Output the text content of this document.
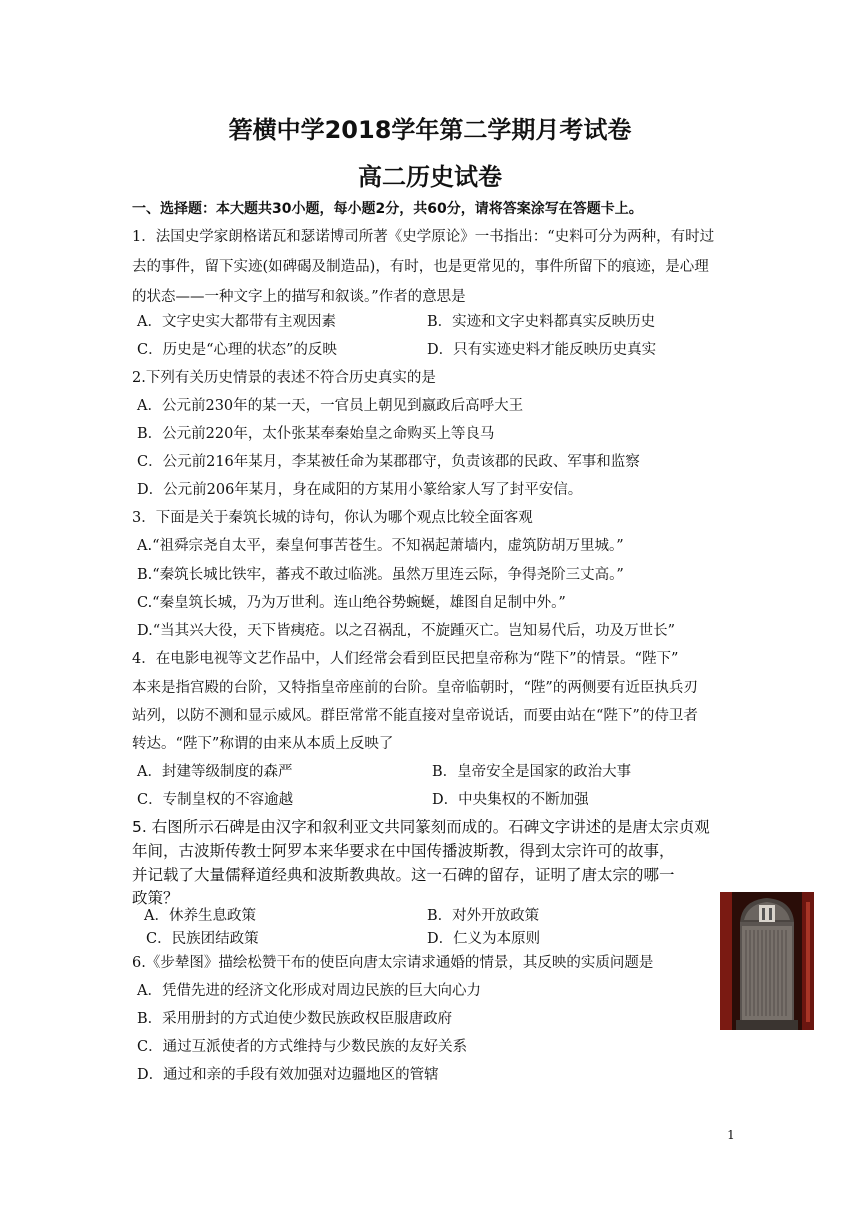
箬横中学2018学年第二学期月考试卷
高二历史试卷
一、选择题：本大题共30小题，每小题2分，共60分，请将答案涂写在答题卡上。
1．法国史学家朗格诺瓦和瑟诺博司所著《史学原论》一书指出：“史料可分为两种，有时过
去的事件，留下实迹(如碑碣及制造品)，有时，也是更常见的，事件所留下的痕迹，是心理
的状态——一种文字上的描写和叙谈。”作者的意思是
A．文字史实大都带有主观因素	B．实迹和文字史料都真实反映历史
C．历史是“心理的状态”的反映	D．只有实迹史料才能反映历史真实
2.下列有关历史情景的表述不符合历史真实的是
A．公元前230年的某一天，一官员上朝见到嬴政后高呼大王
B．公元前220年，太仆张某奉秦始皇之命购买上等良马
C．公元前216年某月，李某被任命为某郡郡守，负责该郡的民政、军事和监察
D．公元前206年某月，身在咸阳的方某用小篆给家人写了封平安信。
3．下面是关于秦筑长城的诗句，你认为哪个观点比较全面客观
A.“祖舜宗尧自太平，秦皇何事苦苍生。不知祸起萧墙内，虚筑防胡万里城。”
B.“秦筑长城比铁牢，蕃戎不敢过临洮。虽然万里连云际，争得尧阶三丈高。”
C.“秦皇筑长城，乃为万世利。连山绝谷势蜿蜒，雄图自足制中外。”
D.“当其兴大役，天下皆痍疮。以之召祸乱，不旋踵灭亡。岂知易代后，功及万世长”
4．在电影电视等文艺作品中，人们经常会看到臣民把皇帝称为“陛下”的情景。“陛下”
本来是指宫殿的台阶，又特指皇帝座前的台阶。皇帝临朝时，“陛”的两侧要有近臣执兵刃
站列，以防不测和显示威风。群臣常常不能直接对皇帝说话，而要由站在“陛下”的侍卫者
转达。“陛下”称谓的由来从本质上反映了
A．封建等级制度的森严	B．皇帝安全是国家的政治大事
C．专制皇权的不容逾越	D．中央集权的不断加强
5. 右图所示石碑是由汉字和叙利亚文共同篆刻而成的。石碑文字讲述的是唐太宗贞观
年间，古波斯传教士阿罗本来华要求在中国传播波斯教，得到太宗许可的故事，
并记载了大量儒释道经典和波斯教典故。这一石碑的留存，证明了唐太宗的哪一
政策？
A．休养生息政策	B．对外开放政策
C．民族团结政策	D．仁义为本原则
6.《步辇图》描绘松赞干布的使臣向唐太宗请求通婚的情景，其反映的实质问题是
A．凭借先进的经济文化形成对周边民族的巨大向心力
B．采用册封的方式迫使少数民族政权臣服唐政府
C．通过互派使者的方式维持与少数民族的友好关系
D．通过和亲的手段有效加强对边疆地区的管辖
1
